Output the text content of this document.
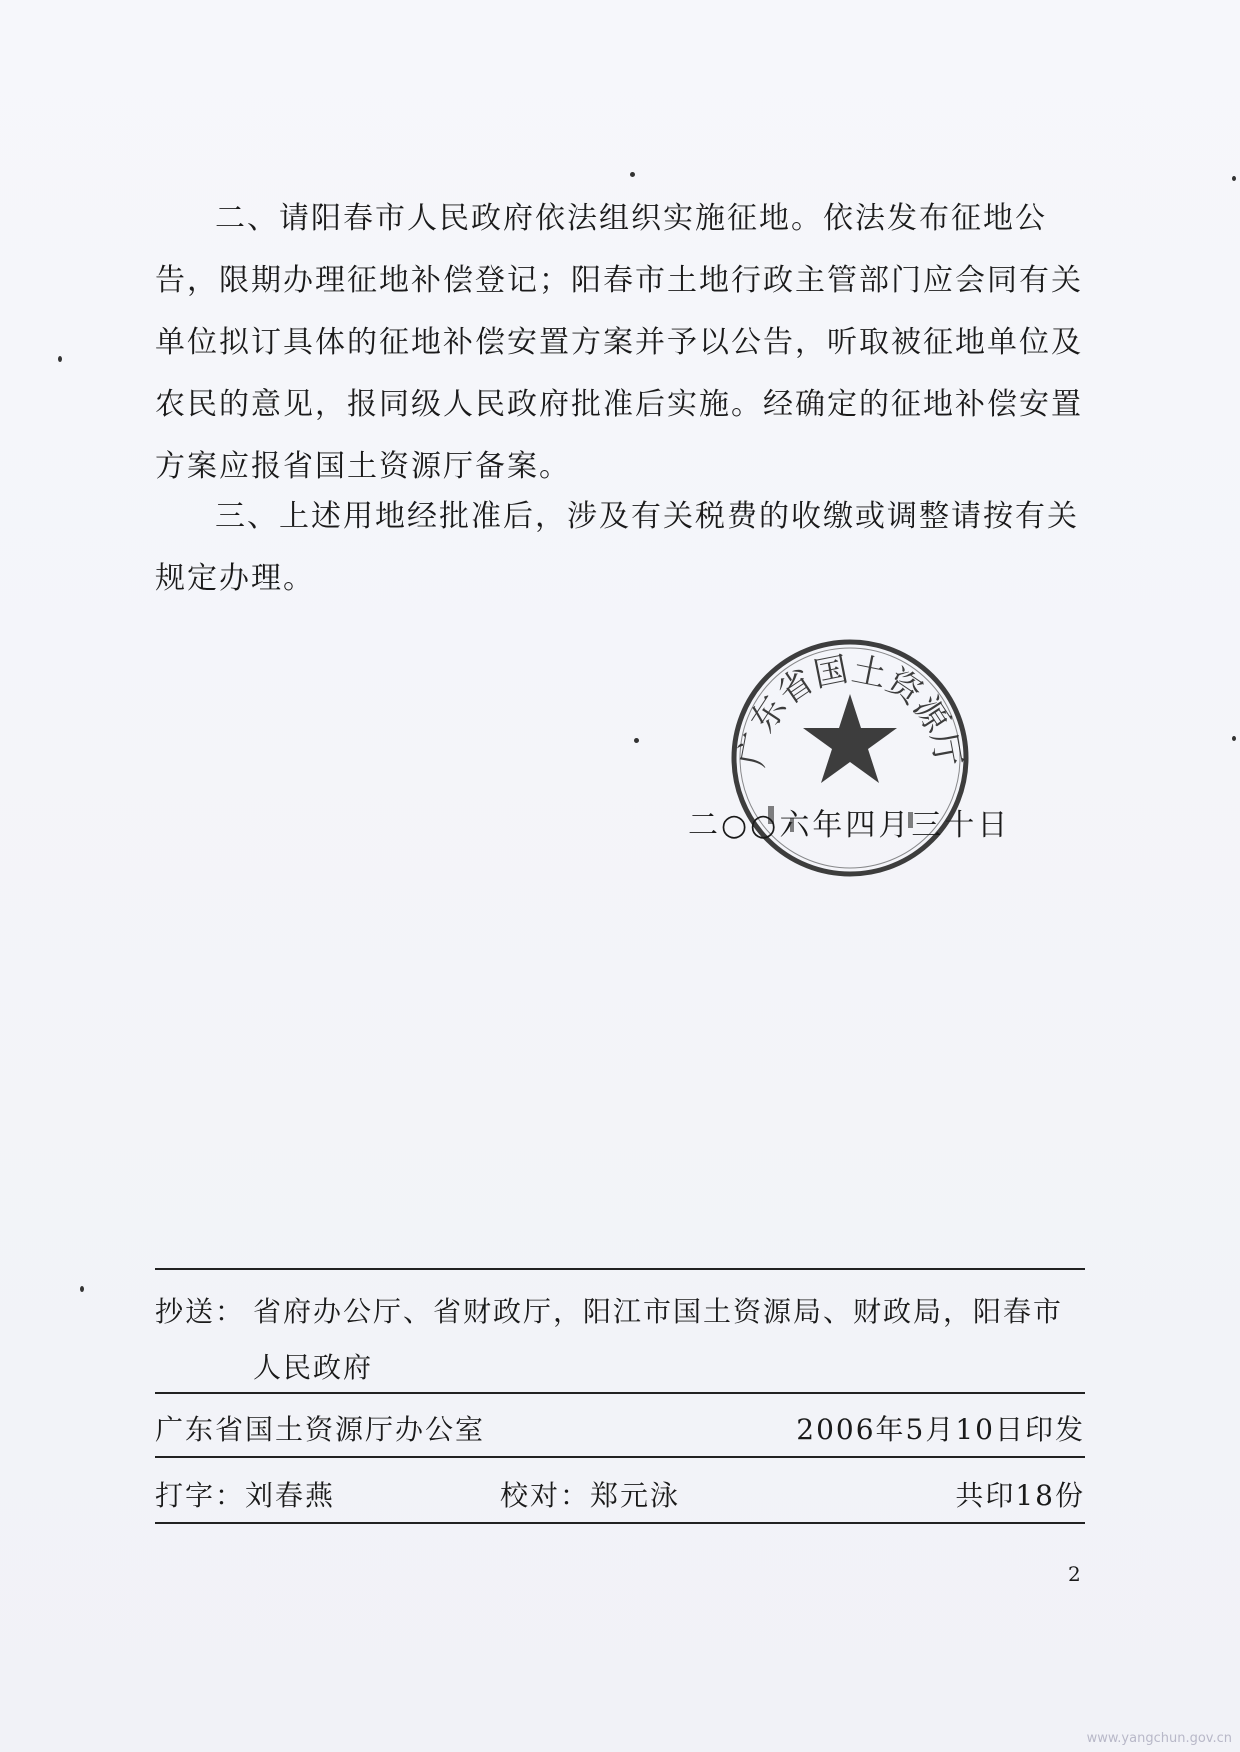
二、请阳春市人民政府依法组织实施征地。依法发布征地公告，限期办理征地补偿登记；阳春市土地行政主管部门应会同有关单位拟订具体的征地补偿安置方案并予以公告，听取被征地单位及农民的意见，报同级人民政府批准后实施。经确定的征地补偿安置方案应报省国土资源厅备案。

三、上述用地经批准后，涉及有关税费的收缴或调整请按有关规定办理。

广东省国土资源厅
二○○六年四月三十日
抄送： 省府办公厅、省财政厅，阳江市国土资源局、财政局，阳春市人民政府
广东省国土资源厅办公室	2006年5月10日印发
打字：刘春燕	校对：郑元泳	共印18份
2
www.yangchun.gov.cn
